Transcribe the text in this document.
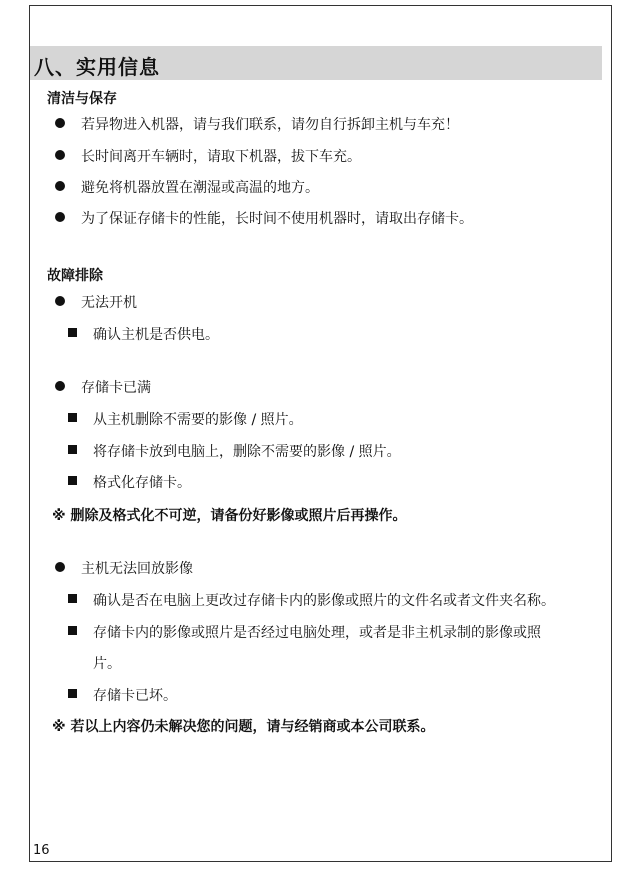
八、实用信息
清洁与保存
若异物进入机器，请与我们联系，请勿自行拆卸主机与车充！
长时间离开车辆时，请取下机器，拔下车充。
避免将机器放置在潮湿或高温的地方。
为了保证存储卡的性能，长时间不使用机器时，请取出存储卡。
故障排除
无法开机
确认主机是否供电。
存储卡已满
从主机删除不需要的影像 / 照片。
将存储卡放到电脑上，删除不需要的影像 / 照片。
格式化存储卡。
※ 删除及格式化不可逆，请备份好影像或照片后再操作。
主机无法回放影像
确认是否在电脑上更改过存储卡内的影像或照片的文件名或者文件夹名称。
存储卡内的影像或照片是否经过电脑处理，或者是非主机录制的影像或照
片。
存储卡已坏。
※ 若以上内容仍未解决您的问题，请与经销商或本公司联系。
16
